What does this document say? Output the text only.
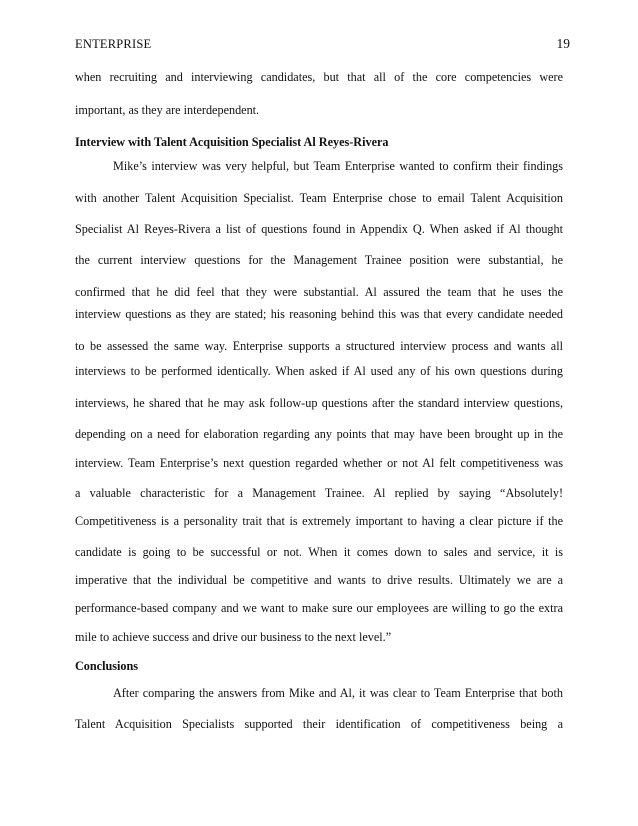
ENTERPRISE	19
when recruiting and interviewing candidates, but that all of the core competencies were
important, as they are interdependent.
Interview with Talent Acquisition Specialist Al Reyes-Rivera
Mike’s interview was very helpful, but Team Enterprise wanted to confirm their findings
with another Talent Acquisition Specialist. Team Enterprise chose to email Talent Acquisition
Specialist Al Reyes-Rivera a list of questions found in Appendix Q. When asked if Al thought
the current interview questions for the Management Trainee position were substantial, he
confirmed that he did feel that they were substantial. Al assured the team that he uses the
interview questions as they are stated; his reasoning behind this was that every candidate needed
to be assessed the same way. Enterprise supports a structured interview process and wants all
interviews to be performed identically. When asked if Al used any of his own questions during
interviews, he shared that he may ask follow-up questions after the standard interview questions,
depending on a need for elaboration regarding any points that may have been brought up in the
interview. Team Enterprise’s next question regarded whether or not Al felt competitiveness was
a valuable characteristic for a Management Trainee. Al replied by saying “Absolutely!
Competitiveness is a personality trait that is extremely important to having a clear picture if the
candidate is going to be successful or not. When it comes down to sales and service, it is
imperative that the individual be competitive and wants to drive results. Ultimately we are a
performance-based company and we want to make sure our employees are willing to go the extra
mile to achieve success and drive our business to the next level.”
Conclusions
After comparing the answers from Mike and Al, it was clear to Team Enterprise that both
Talent Acquisition Specialists supported their identification of competitiveness being a
